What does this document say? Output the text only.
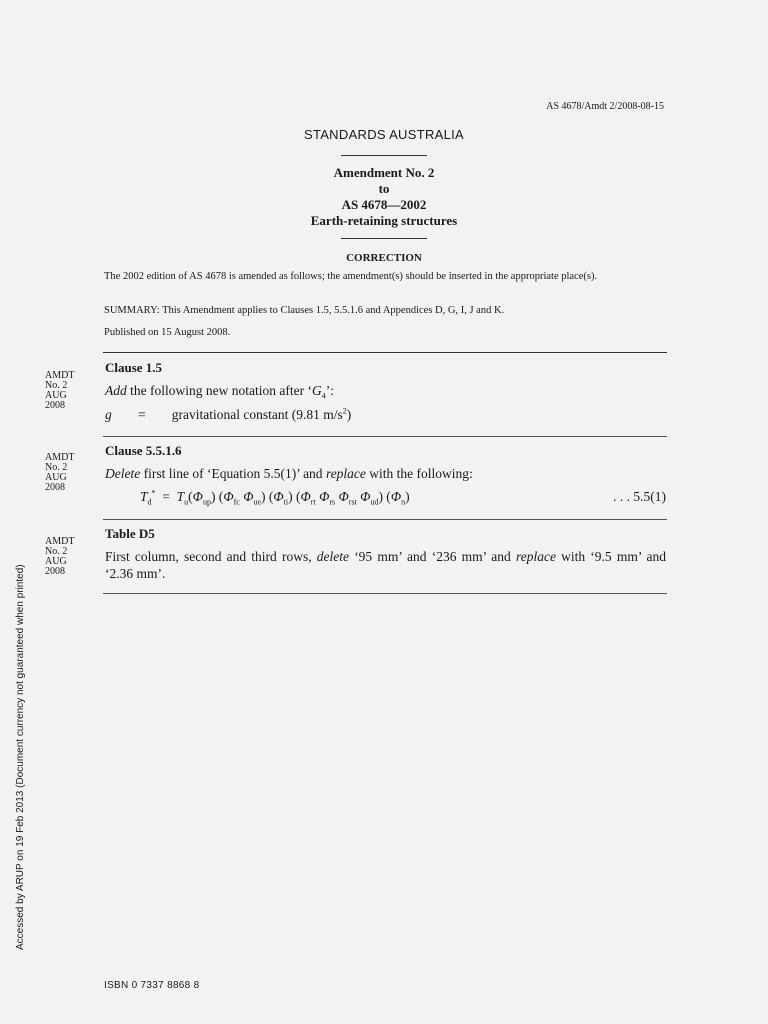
AS 4678/Amdt 2/2008-08-15
STANDARDS AUSTRALIA
Amendment No. 2
to
AS 4678—2002
Earth-retaining structures
CORRECTION
The 2002 edition of AS 4678 is amended as follows; the amendment(s) should be inserted in the appropriate place(s).
SUMMARY: This Amendment applies to Clauses 1.5, 5.5.1.6 and Appendices D, G, I, J and K.
Published on 15 August 2008.
AMDT
No. 2
AUG
2008
Clause 1.5
Add the following new notation after ‘$G_4$’:
g = gravitational constant (9.81 $m/s^2$)
AMDT
No. 2
AUG
2008
Clause 5.5.1.6
Delete first line of ‘Equation 5.5(1)’ and replace with the following:
$T_d^* = T_u(\Phi_{up})$ ($\Phi_{fc}$ $\Phi_{ue}$) $(\Phi_{ti})$ ($\Phi_{rt}$ $\Phi_{rs}$ $\Phi_{rst}$ $\Phi_{ud}$) $(\Phi_n)$	. . . 5.5(1)
AMDT
No. 2
AUG
2008
Table D5
First column, second and third rows, delete ‘95 mm’ and ‘236 mm’ and replace with ‘9.5 mm’ and ‘2.36 mm’.
ISBN 0 7337 8868 8
Accessed by ARUP on 19 Feb 2013 (Document currency not guaranteed when printed)
